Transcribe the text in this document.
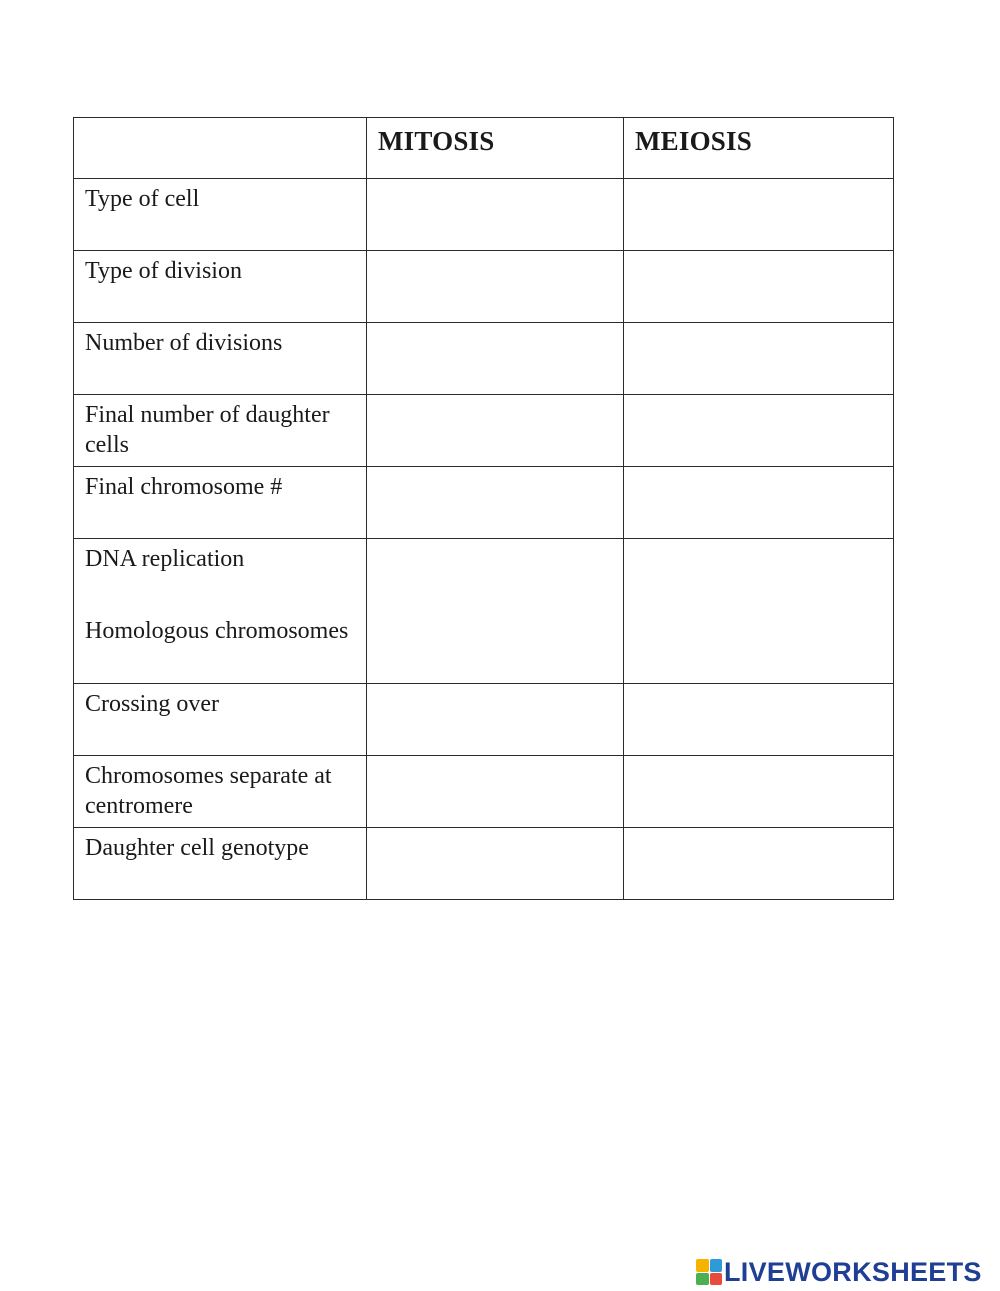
	MITOSIS	MEIOSIS
Type of cell		
Type of division		
Number of divisions		
Final number of daughter cells		
Final chromosome #		
DNA replication
Homologous chromosomes		
Crossing over		
Chromosomes separate at centromere		
Daughter cell genotype		
LIVEWORKSHEETS
